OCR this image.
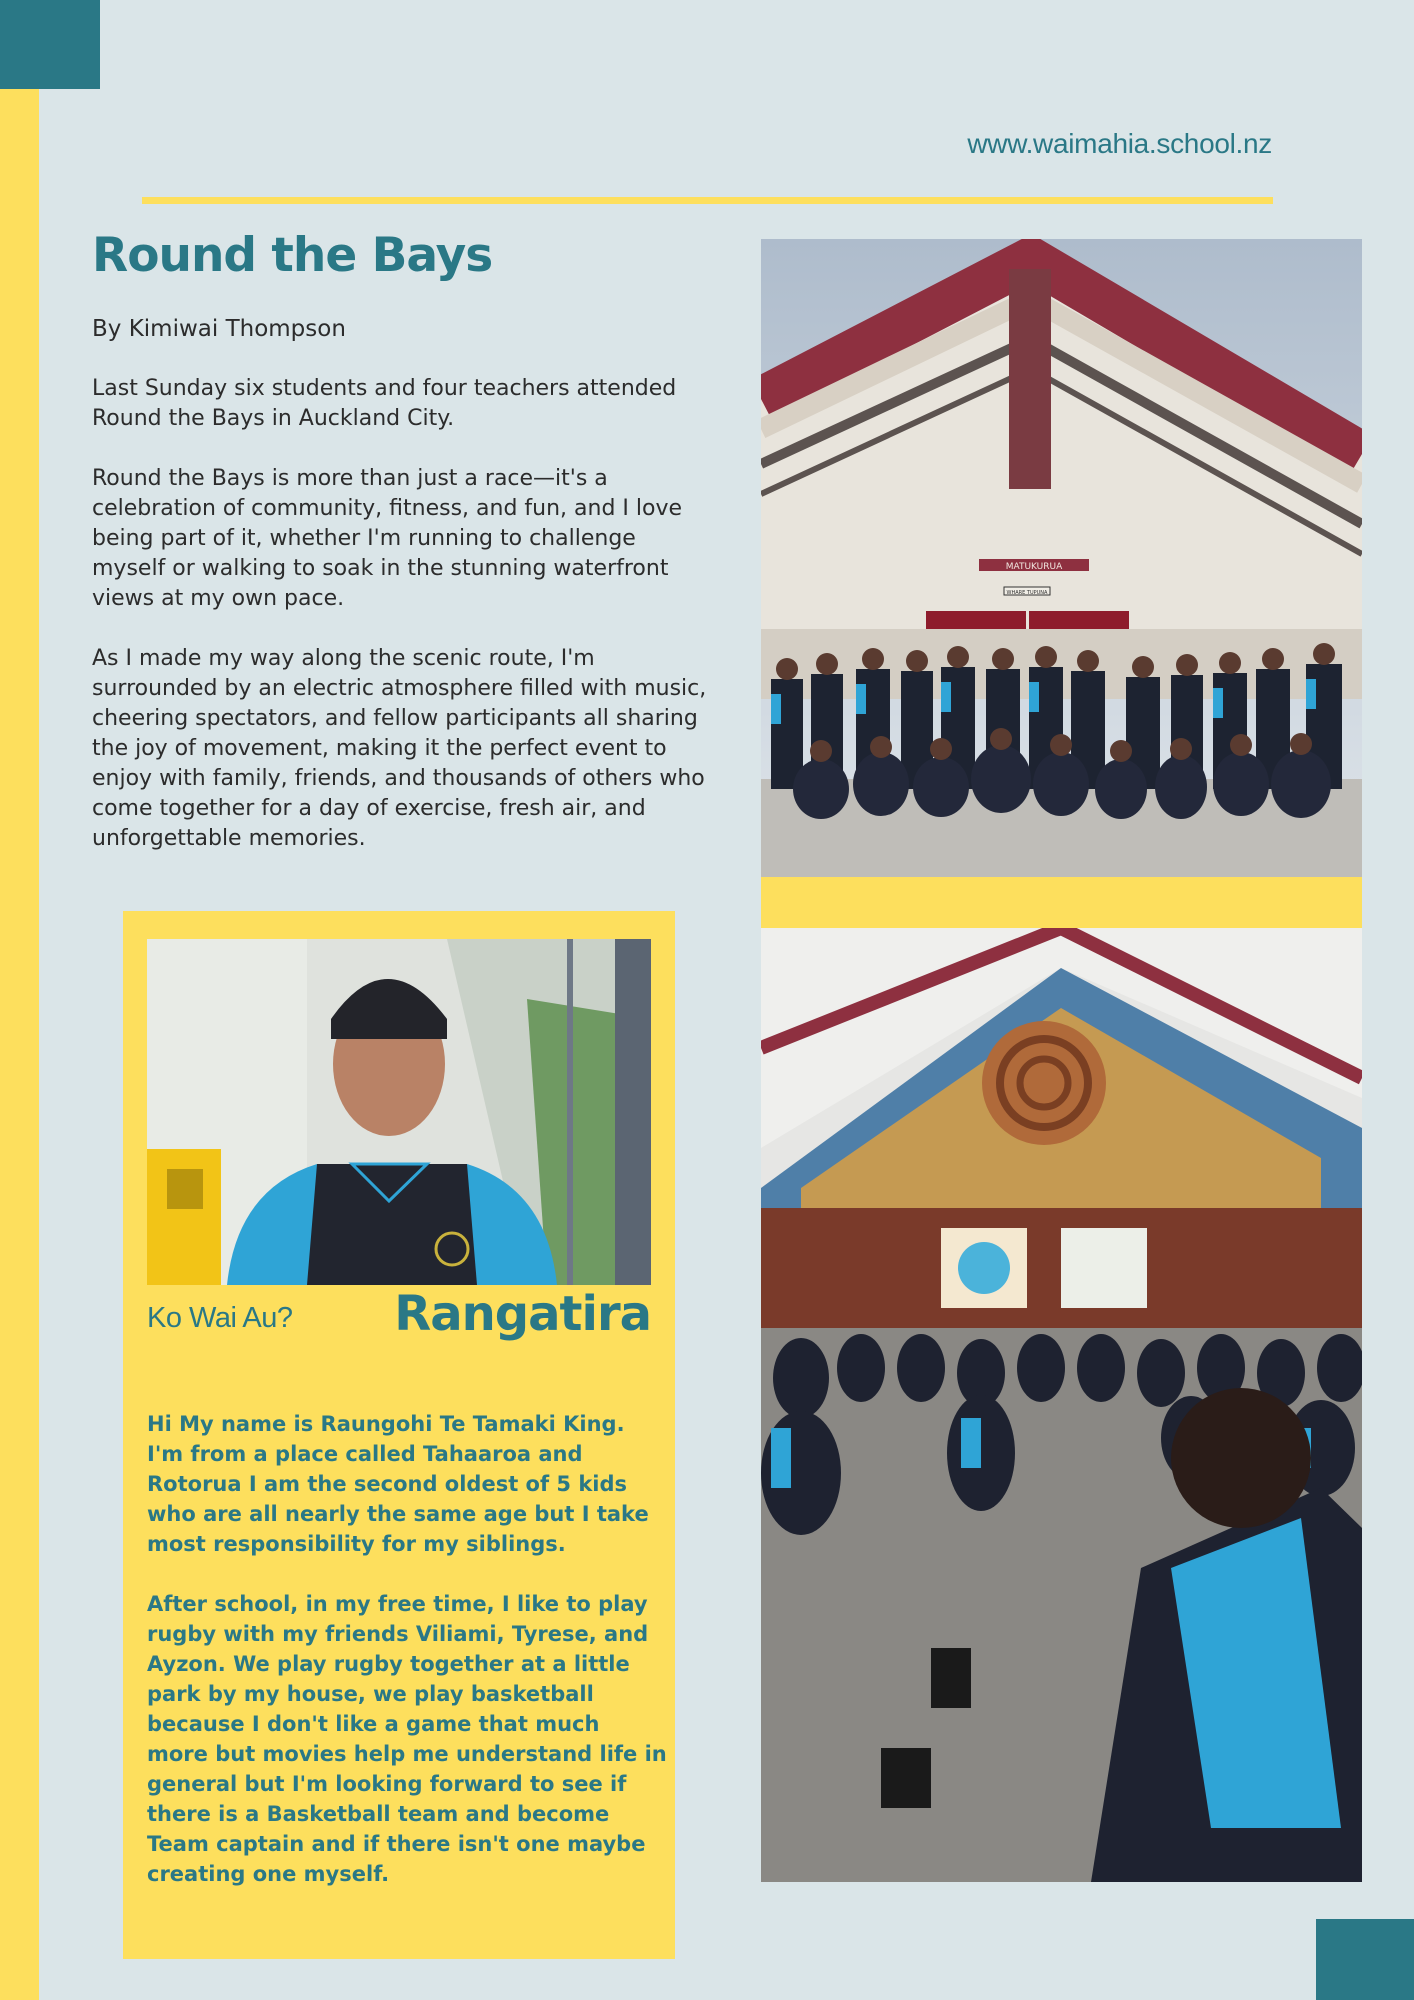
www.waimahia.school.nz
Round the Bays
By Kimiwai Thompson

Last Sunday six students and four teachers attended Round the Bays in Auckland City.

Round the Bays is more than just a race—it's a celebration of community, fitness, and fun, and I love being part of it, whether I'm running to challenge myself or walking to soak in the stunning waterfront views at my own pace.

As I made my way along the scenic route, I'm surrounded by an electric atmosphere filled with music, cheering spectators, and fellow participants all sharing the joy of movement, making it the perfect event to enjoy with family, friends, and thousands of others who come together for a day of exercise, fresh air, and unforgettable memories.

MATUKURUA
WHARE TUPUNA
Ko Wai Au? Rangatira

Hi My name is Raungohi Te Tamaki King. I'm from a place called Tahaaroa and Rotorua I am the second oldest of 5 kids who are all nearly the same age but I take most responsibility for my siblings.

After school, in my free time, I like to play rugby with my friends Viliami, Tyrese, and Ayzon. We play rugby together at a little park by my house, we play basketball because I don't like a game that much more but movies help me understand life in general but I'm looking forward to see if there is a Basketball team and become Team captain and if there isn't one maybe creating one myself.
